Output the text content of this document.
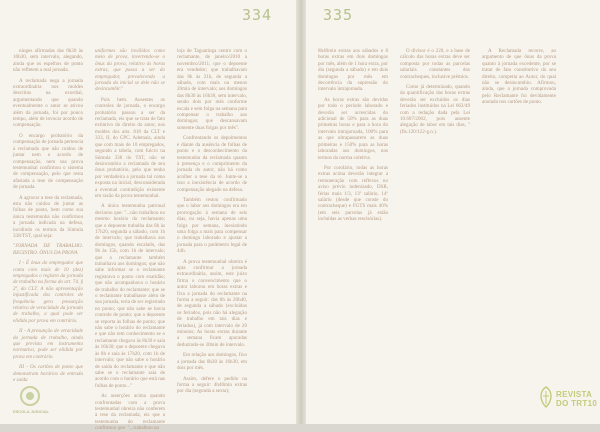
334	335

ninges afirmadas das 8h30 às 16h30, sem intervalo, alegando, ainda que os espelhos de ponto não refletem a real jornada.

A reclamada nega a jornada extraordinária nos moldes descritos na exordial, argumentando que quando eventualmente o autor se ativou além da jornada, foi por pouco tempo, além de invocar acordo de compensação.

O encargo probatório da compensação de jornada pertencia à reclamada que não cuidou de juntar nem o acordo de compensação, nem sua prova testemunhal confirmou o sistema de compensação, pelo que resta afastada a tese de compensação de jornada.

A agravar a tese da reclamada, esta não cuidou de juntar as folhas de ponto, bem como sua única testemunha não confirmou a jornada indicada na defesa, incidindo os termos da Súmula 338/TST, qual seja:

"JORNADA DE TRABALHO. REGISTRO. ÔNUS DA PROVA

I - É ônus do empregador que conta com mais de 10 (dez) empregados o registro da jornada de trabalho na forma do art. 74, § 2º, da CLT. A não apresentação injustificada dos controles de frequência gera presunção relativa de veracidade da jornada de trabalho, a qual pode ser elidida por prova em contrário.

II - A presunção de veracidade da jornada de trabalho, ainda que prevista em instrumento normativo, pode ser elidida por prova em contrário.

III - Os cartões de ponto que demonstram horários de entrada e saída

uniformes são inválidos como meio de prova, invertendo-se o ônus da prova, relativo às horas extras, que passa a ser do empregador, prevalecendo a jornada da inicial se dele não se desincumbir."

Pois bem. Ausentes os controles de jornada, o encargo probatório passou a ser da reclamada, eis que se trata de fato extintivo do direito do autor, nos moldes dos arts. 818 da CLT e 333, II, do CPC. Ademais, ainda que com mais de 10 empregados, segundo a tabela, com fulcro na Súmula 338 do TST, não se desincumbiu a reclamada de seu ônus probatório, pelo que tenho por verdadeira a jornada tal como exposta na inicial, desconsiderada a eventual contradição existente em razão da prova testemunhal.

A única testemunha patronal declarou que: "...não trabalhou no mesmo horário do reclamante; que o depoente trabalha das 8h às 17h20, segunda a sábado, com 1h de intervalo; que trabalhava aos domingos, quando escalado, das 9h às 15h, com 1h de intervalo; que o reclamante também trabalhava aos domingos; que não sabe informar se o reclamante registrava o ponto com exatidão; que não acompanhava o horário de trabalho do reclamante; que se o reclamante trabalhasse além de sua jornada, teria de ser registrado no ponto; que não sabe se havia controle de ponto; que o depoente se reporta às folhas de ponto; que não sabe o horário do reclamante e que não tem conhecimento se o reclamante chegava às 8h30 e saía às 16h30; que o depoente chegava às 8h e saía às 17h20, com 1h de intervalo; que não sabe o horário de saída do reclamante e que não sabe se o reclamante saía de acordo com o horário que está nas folhas de ponto..."

As asserções acima quando confrontadas com a prova testemunhal obreira não conferem à tese da reclamada, eis que a testemunha do reclamante confirmou que: "...trabalhou na

loja de Taguatinga centro com o reclamante, de janeiro/2010 a novembro/2011; que o depoente era vendedor; que trabalhavam das 8h às 21h, de segunda a sábado, com mais ou menos 20min de intervalo; aos domingos das 8h30 às 16h30, sem intervalo, sendo dois por mês conforme escala e sem folga na semana para compensar o trabalho aos domingos; que descansavam somente duas folgas por mês".

Confrontando os depoimentos e diante da ausência de folhas de ponto e o desconhecimento da testemunha da reclamada quanto à presença e o cumprimento da jornada do autor, não há como acolher a tese da ré. Junte-se a isso a inexistência de acordo de compensação alegado na defesa.

Também restou confirmado que o labor aos domingos era em prorrogação à semana de seis dias, ou seja, havia apenas uma folga por semana, inexistindo uma folga a mais para compensar o domingo laborado e ajustar a jornada para o parâmetro legal de 44h.

A prova testemunhal obreira é apta confirmar a jornada extraordinária, assim, este juízo firma o convencimento que o autor laborou em horas extras e fixa a jornada do reclamante na forma a seguir: das 8h às 20h40, de segunda a sábado (excluídos os feriados, pois não há alegação de trabalho em tais dias e feriados), já com intervalo de 20 minutos; As horas extras durante a semana ficam apuradas deduzindo-se 30min de intervalo.

Em relação aos domingos, fixo a jornada das 8h30 às 16h30, em dois por mês.

Assim, defere o pedido na forma a seguir: 4h40min extras por dia (segunda a sexta);

8h40min extras aos sábados e 8 horas extras em dois domingos por mês, além de 1 hora extra, por dia (segunda a sábado) e em dois domingos por mês em decorrência da supressão do intervalo intrajornada.

As horas extras são devidas por todo o período laborado e deverão ser acrescidas do adicional de 50% para as duas primeiras horas e para a hora do intervalo intrajornada, 100% para as que ultrapassarem as duas primeiras e 150% para as horas laboradas aos domingos, nos termos da norma coletiva.

Por corolário, todas as horas extras acima deverão integrar a remuneração com reflexos no aviso prévio indenizado, DSR, férias mais 1/3, 13º salário, 14º salário (desde que conste do contracheque) e FGTS mais 40% (em seis parcelas já estão incluídas as verbas rescisórias).

O divisor é o 220, e a base de cálculo das horas extras deve ser composta por todas as parcelas salariais constantes dos contracheques, inclusive prêmios.

Como já determinado, quando da quantificação das horas extras deverão ser excluídos os dias feriados instituídos na Lei 662/49 com a redação dada pela Lei 10.607/2002, pois ausente alegação de labor em tais dias, "(fls.120/122-g.n.).

A Reclamada recorre, ao argumento de que ônus da prova quanto à jornada excedente, por se tratar de fato constitutivo do seu direito, competia ao Autor, do qual não se desincumbiu. Afirmou, ainda, que a jornada comprovada pelo Reclamante foi devidamente anotada nos cartões de ponto.

ESCOLA JUDICIAL
REVISTA
DO TRT10
